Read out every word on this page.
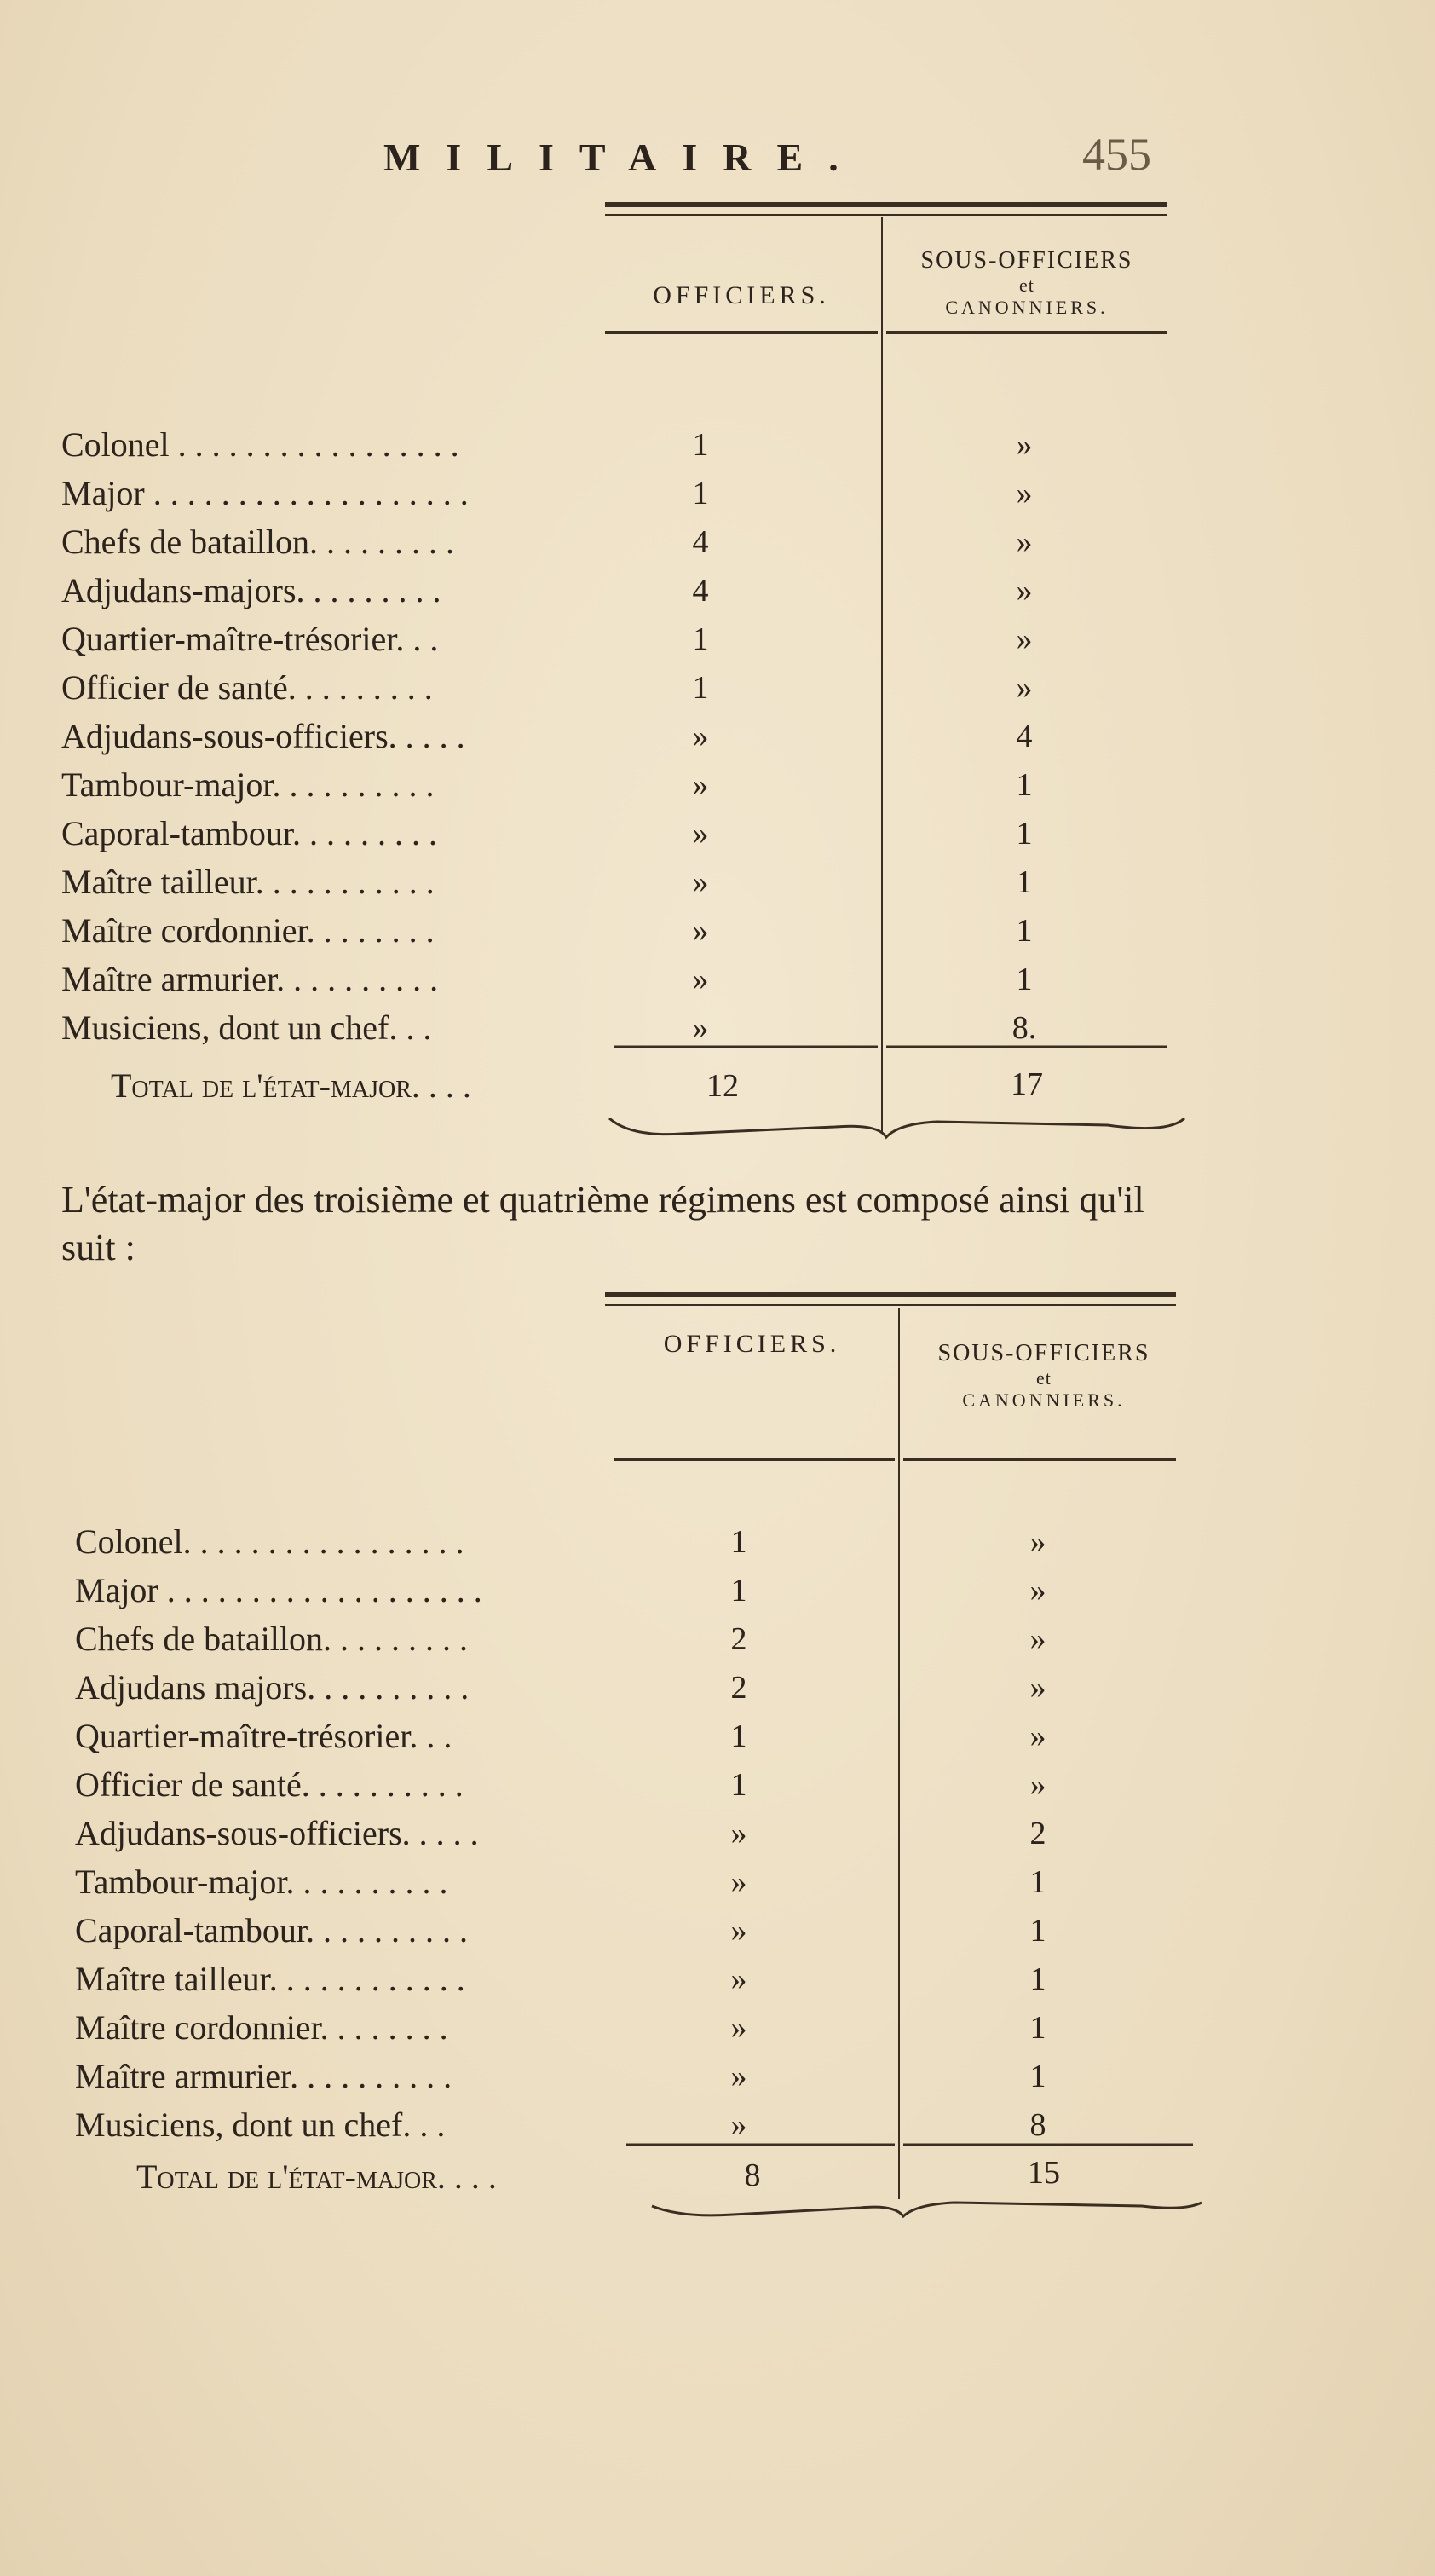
MILITAIRE.	455
OFFICIERS.
SOUS-OFFICIERS
et
CANONNIERS.
Colonel . . . . . . . . . . . . . . . . .	1	»
Major . . . . . . . . . . . . . . . . . . .	1	»
Chefs de bataillon. . . . . . . . .	4	»
Adjudans-majors. . . . . . . . .	4	»
Quartier-maître-trésorier. . .	1	»
Officier de santé. . . . . . . . .	1	»
Adjudans-sous-officiers. . . . .	»	4
Tambour-major. . . . . . . . . .	»	1
Caporal-tambour. . . . . . . . .	»	1
Maître tailleur. . . . . . . . . . .	»	1
Maître cordonnier. . . . . . . .	»	1
Maître armurier. . . . . . . . . .	»	1
Musiciens, dont un chef. . .	»	8.
Total de l'état-major. . . .	12	17
L'état-major des troisième et quatrième régimens est composé ainsi qu'il suit :
OFFICIERS.	SOUS-OFFICIERS
et
CANONNIERS.
Colonel. . . . . . . . . . . . . . . . .	1	»
Major . . . . . . . . . . . . . . . . . . .	1	»
Chefs de bataillon. . . . . . . . .	2	»
Adjudans majors. . . . . . . . . .	2	»
Quartier-maître-trésorier. . .	1	»
Officier de santé. . . . . . . . . .	1	»
Adjudans-sous-officiers. . . . .	»	2
Tambour-major. . . . . . . . . .	»	1
Caporal-tambour. . . . . . . . . .	»	1
Maître tailleur. . . . . . . . . . . .	»	1
Maître cordonnier. . . . . . . .	»	1
Maître armurier. . . . . . . . . .	»	1
Musiciens, dont un chef. . .	»	8
Total de l'état-major. . . .	8	15
